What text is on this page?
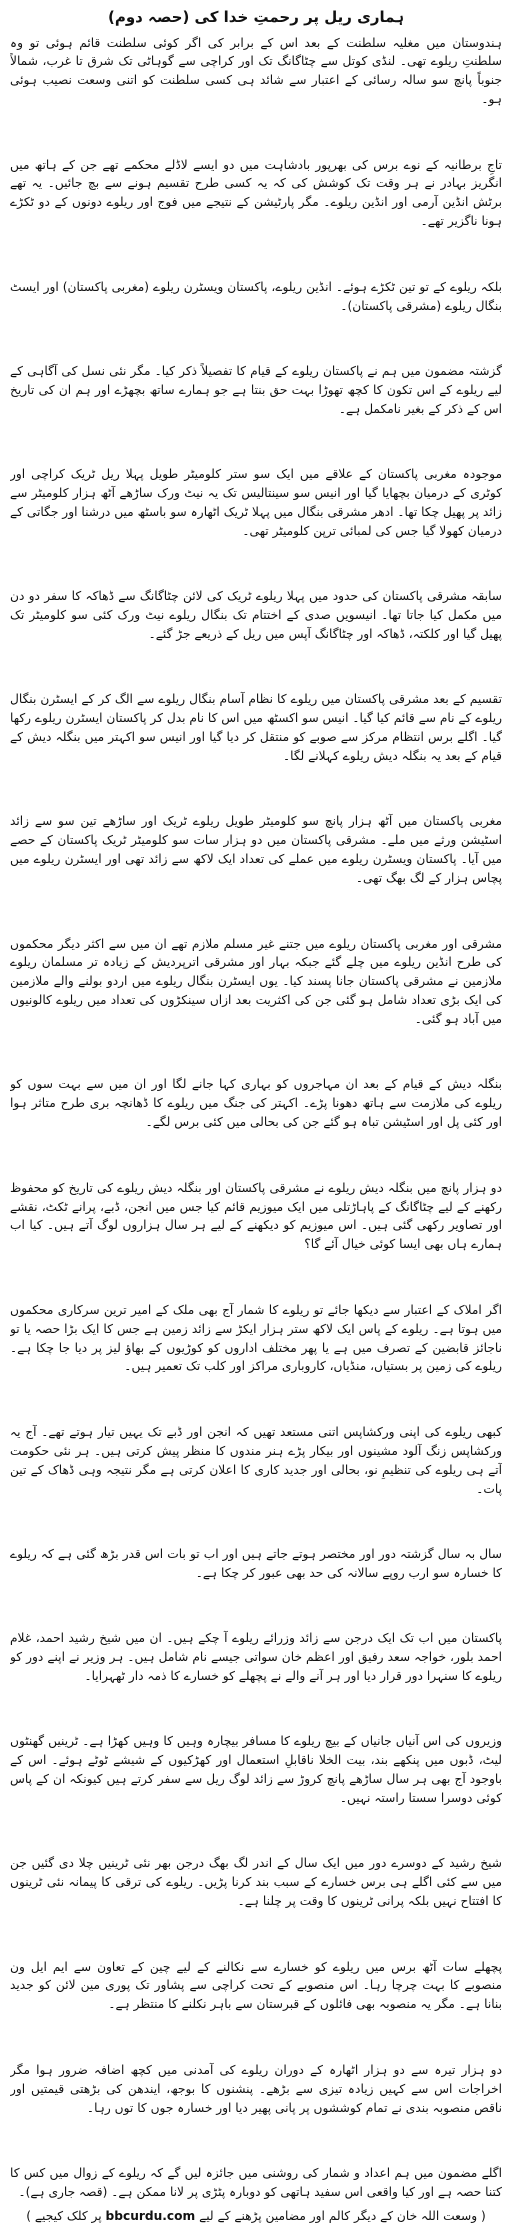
ہماری ریل پر رحمتِ خدا کی (حصہ دوم)

ہندوستان میں مغلیہ سلطنت کے بعد اس کے برابر کی اگر کوئی سلطنت قائم ہوئی تو وہ سلطنتِ ریلوے تھی۔ لنڈی کوتل سے چٹاگانگ تک اور کراچی سے گوہاٹی تک شرق تا غرب، شمالاً جنوباً پانچ سو سالہ رسائی کے اعتبار سے شائد ہی کسی سلطنت کو اتنی وسعت نصیب ہوئی ہو۔

تاجِ برطانیہ کے نوے برس کی بھرپور بادشاہت میں دو ایسے لاڈلے محکمے تھے جن کے ہاتھ میں انگریز بہادر نے ہر وقت تک کوشش کی کہ یہ کسی طرح تقسیم ہونے سے بچ جائیں۔ یہ تھے برٹش انڈین آرمی اور انڈین ریلوے۔ مگر پارٹیشن کے نتیجے میں فوج اور ریلوے دونوں کے دو ٹکڑے ہونا ناگزیر تھے۔

بلکہ ریلوے کے تو تین ٹکڑے ہوئے۔ انڈین ریلوے، پاکستان ویسٹرن ریلوے (مغربی پاکستان) اور ایسٹ بنگال ریلوے (مشرقی پاکستان)۔

گزشتہ مضمون میں ہم نے پاکستان ریلوے کے قیام کا تفصیلاً ذکر کیا۔ مگر نئی نسل کی آگاہی کے لیے ریلوے کے اس تکون کا کچھ تھوڑا بہت حق بنتا ہے جو ہمارے ساتھ بچھڑے اور ہم ان کی تاریخ اس کے ذکر کے بغیر نامکمل ہے۔

موجودہ مغربی پاکستان کے علاقے میں ایک سو ستر کلومیٹر طویل پہلا ریل ٹریک کراچی اور کوٹری کے درمیان بچھایا گیا اور انیس سو سینتالیس تک یہ نیٹ ورک ساڑھے آٹھ ہزار کلومیٹر سے زائد پر پھیل چکا تھا۔ ادھر مشرقی بنگال میں پہلا ٹریک اٹھارہ سو باسٹھ میں درشنا اور جگاتی کے درمیان کھولا گیا جس کی لمبائی ترپن کلومیٹر تھی۔

سابقہ مشرقی پاکستان کی حدود میں پہلا ریلوے ٹریک کی لائن چٹاگانگ سے ڈھاکہ کا سفر دو دن میں مکمل کیا جاتا تھا۔ انیسویں صدی کے اختتام تک بنگال ریلوے نیٹ ورک کئی سو کلومیٹر تک پھیل گیا اور کلکتہ، ڈھاکہ اور چٹاگانگ آپس میں ریل کے ذریعے جڑ گئے۔

تقسیم کے بعد مشرقی پاکستان میں ریلوے کا نظام آسام بنگال ریلوے سے الگ کر کے ایسٹرن بنگال ریلوے کے نام سے قائم کیا گیا۔ انیس سو اکسٹھ میں اس کا نام بدل کر پاکستان ایسٹرن ریلوے رکھا گیا۔ اگلے برس انتظام مرکز سے صوبے کو منتقل کر دیا گیا اور انیس سو اکہتر میں بنگلہ دیش کے قیام کے بعد یہ بنگلہ دیش ریلوے کہلانے لگا۔

مغربی پاکستان میں آٹھ ہزار پانچ سو کلومیٹر طویل ریلوے ٹریک اور ساڑھے تین سو سے زائد اسٹیشن ورثے میں ملے۔ مشرقی پاکستان میں دو ہزار سات سو کلومیٹر ٹریک پاکستان کے حصے میں آیا۔ پاکستان ویسٹرن ریلوے میں عملے کی تعداد ایک لاکھ سے زائد تھی اور ایسٹرن ریلوے میں پچاس ہزار کے لگ بھگ تھی۔

مشرقی اور مغربی پاکستان ریلوے میں جتنے غیر مسلم ملازم تھے ان میں سے اکثر دیگر محکموں کی طرح انڈین ریلوے میں چلے گئے جبکہ بہار اور مشرقی اترپردیش کے زیادہ تر مسلمان ریلوے ملازمین نے مشرقی پاکستان جانا پسند کیا۔ یوں ایسٹرن بنگال ریلوے میں اردو بولنے والے ملازمین کی ایک بڑی تعداد شامل ہو گئی جن کی اکثریت بعد ازاں سینکڑوں کی تعداد میں ریلوے کالونیوں میں آباد ہو گئی۔

بنگلہ دیش کے قیام کے بعد ان مہاجروں کو بہاری کہا جانے لگا اور ان میں سے بہت سوں کو ریلوے کی ملازمت سے ہاتھ دھونا پڑے۔ اکہتر کی جنگ میں ریلوے کا ڈھانچہ بری طرح متاثر ہوا اور کئی پل اور اسٹیشن تباہ ہو گئے جن کی بحالی میں کئی برس لگے۔

دو ہزار پانچ میں بنگلہ دیش ریلوے نے مشرقی پاکستان اور بنگلہ دیش ریلوے کی تاریخ کو محفوظ رکھنے کے لیے چٹاگانگ کے پاہاڑتلی میں ایک میوزیم قائم کیا جس میں انجن، ڈبے، پرانے ٹکٹ، نقشے اور تصاویر رکھی گئی ہیں۔ اس میوزیم کو دیکھنے کے لیے ہر سال ہزاروں لوگ آتے ہیں۔ کیا اب ہمارے ہاں بھی ایسا کوئی خیال آئے گا؟

اگر املاک کے اعتبار سے دیکھا جائے تو ریلوے کا شمار آج بھی ملک کے امیر ترین سرکاری محکموں میں ہوتا ہے۔ ریلوے کے پاس ایک لاکھ ستر ہزار ایکڑ سے زائد زمین ہے جس کا ایک بڑا حصہ یا تو ناجائز قابضین کے تصرف میں ہے یا پھر مختلف اداروں کو کوڑیوں کے بھاؤ لیز پر دیا جا چکا ہے۔ ریلوے کی زمین پر بستیاں، منڈیاں، کاروباری مراکز اور کلب تک تعمیر ہیں۔

کبھی ریلوے کی اپنی ورکشاپس اتنی مستعد تھیں کہ انجن اور ڈبے تک یہیں تیار ہوتے تھے۔ آج یہ ورکشاپس زنگ آلود مشینوں اور بیکار پڑے ہنر مندوں کا منظر پیش کرتی ہیں۔ ہر نئی حکومت آتے ہی ریلوے کی تنظیمِ نو، بحالی اور جدید کاری کا اعلان کرتی ہے مگر نتیجہ وہی ڈھاک کے تین پات۔

سال بہ سال گزشتہ دور اور مختصر ہوتے جاتے ہیں اور اب تو بات اس قدر بڑھ گئی ہے کہ ریلوے کا خسارہ سو ارب روپے سالانہ کی حد بھی عبور کر چکا ہے۔

پاکستان میں اب تک ایک درجن سے زائد وزرائے ریلوے آ چکے ہیں۔ ان میں شیخ رشید احمد، غلام احمد بلور، خواجہ سعد رفیق اور اعظم خان سواتی جیسے نام شامل ہیں۔ ہر وزیر نے اپنے دور کو ریلوے کا سنہرا دور قرار دیا اور ہر آنے والے نے پچھلے کو خسارے کا ذمہ دار ٹھہرایا۔

وزیروں کی اس آنیاں جانیاں کے بیچ ریلوے کا مسافر بیچارہ وہیں کا وہیں کھڑا ہے۔ ٹرینیں گھنٹوں لیٹ، ڈبوں میں پنکھے بند، بیت الخلا ناقابلِ استعمال اور کھڑکیوں کے شیشے ٹوٹے ہوئے۔ اس کے باوجود آج بھی ہر سال ساڑھے پانچ کروڑ سے زائد لوگ ریل سے سفر کرتے ہیں کیونکہ ان کے پاس کوئی دوسرا سستا راستہ نہیں۔

شیخ رشید کے دوسرے دور میں ایک سال کے اندر لگ بھگ درجن بھر نئی ٹرینیں چلا دی گئیں جن میں سے کئی اگلے ہی برس خسارے کے سبب بند کرنا پڑیں۔ ریلوے کی ترقی کا پیمانہ نئی ٹرینوں کا افتتاح نہیں بلکہ پرانی ٹرینوں کا وقت پر چلنا ہے۔

پچھلے سات آٹھ برس میں ریلوے کو خسارے سے نکالنے کے لیے چین کے تعاون سے ایم ایل ون منصوبے کا بہت چرچا رہا۔ اس منصوبے کے تحت کراچی سے پشاور تک پوری مین لائن کو جدید بنانا ہے۔ مگر یہ منصوبہ بھی فائلوں کے قبرستان سے باہر نکلنے کا منتظر ہے۔

دو ہزار تیرہ سے دو ہزار اٹھارہ کے دوران ریلوے کی آمدنی میں کچھ اضافہ ضرور ہوا مگر اخراجات اس سے کہیں زیادہ تیزی سے بڑھے۔ پنشنوں کا بوجھ، ایندھن کی بڑھتی قیمتیں اور ناقص منصوبہ بندی نے تمام کوششوں پر پانی پھیر دیا اور خسارہ جوں کا توں رہا۔

اگلے مضمون میں ہم اعداد و شمار کی روشنی میں جائزہ لیں گے کہ ریلوے کے زوال میں کس کا کتنا حصہ ہے اور کیا واقعی اس سفید ہاتھی کو دوبارہ پٹڑی پر لانا ممکن ہے۔ (قصہ جاری ہے)۔

( وسعت اللہ خان کے دیگر کالم اور مضامین پڑھنے کے لیے bbcurdu.com پر کلک کیجیے )
